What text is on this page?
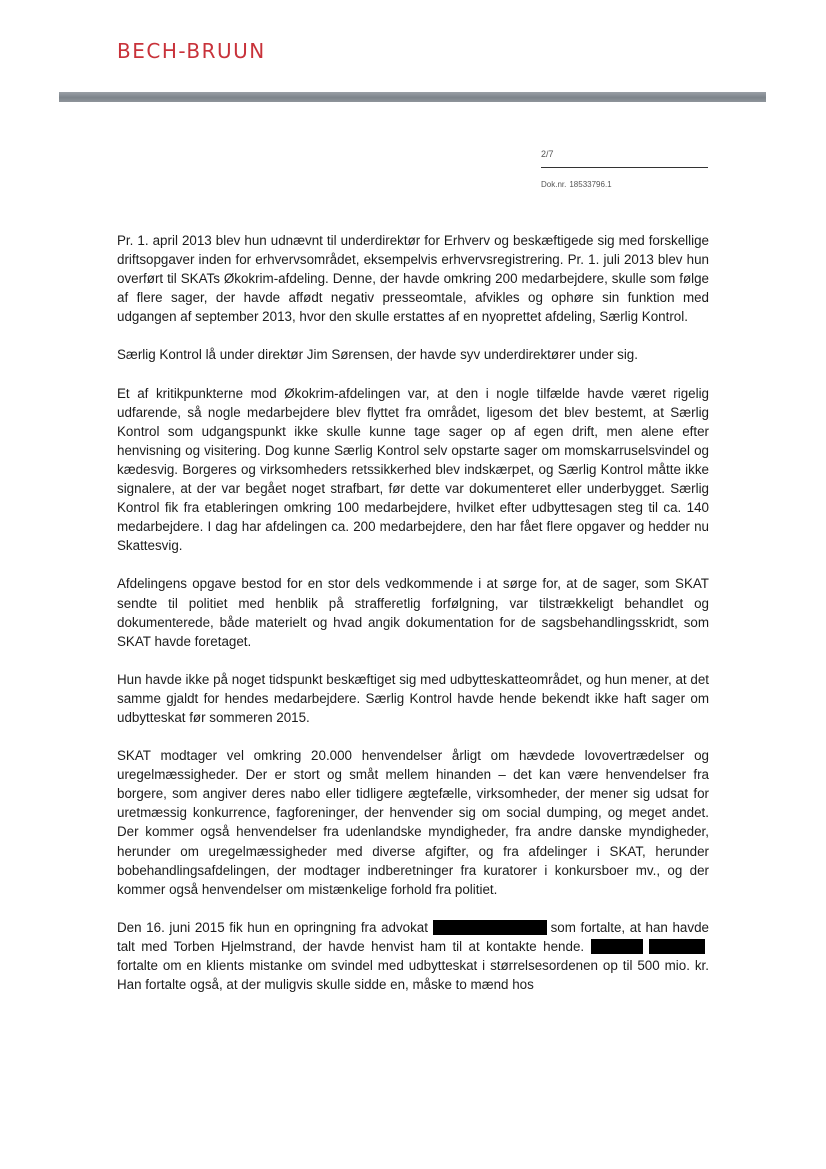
BECH-BRUUN
2/7
Dok.nr. 18533796.1

Pr. 1. april 2013 blev hun udnævnt til underdirektør for Erhverv og beskæftigede sig med forskellige driftsopgaver inden for erhvervsområdet, eksempelvis erhvervsregistrering. Pr. 1. juli 2013 blev hun overført til SKATs Økokrim-afdeling. Denne, der havde omkring 200 medarbejdere, skulle som følge af flere sager, der havde affødt negativ presseomtale, afvikles og ophøre sin funktion med udgangen af september 2013, hvor den skulle erstattes af en nyoprettet afdeling, Særlig Kontrol.

Særlig Kontrol lå under direktør Jim Sørensen, der havde syv underdirektører under sig.

Et af kritikpunkterne mod Økokrim-afdelingen var, at den i nogle tilfælde havde været rigelig udfarende, så nogle medarbejdere blev flyttet fra området, ligesom det blev bestemt, at Særlig Kontrol som udgangspunkt ikke skulle kunne tage sager op af egen drift, men alene efter henvisning og visitering. Dog kunne Særlig Kontrol selv opstarte sager om momskarruselsvindel og kædesvig. Borgeres og virksomheders retssikkerhed blev indskærpet, og Særlig Kontrol måtte ikke signalere, at der var begået noget strafbart, før dette var dokumenteret eller underbygget. Særlig Kontrol fik fra etableringen omkring 100 medarbejdere, hvilket efter udbyttesagen steg til ca. 140 medarbejdere. I dag har afdelingen ca. 200 medarbejdere, den har fået flere opgaver og hedder nu Skattesvig.

Afdelingens opgave bestod for en stor dels vedkommende i at sørge for, at de sager, som SKAT sendte til politiet med henblik på strafferetlig forfølgning, var tilstrækkeligt behandlet og dokumenterede, både materielt og hvad angik dokumentation for de sagsbehandlingsskridt, som SKAT havde foretaget.

Hun havde ikke på noget tidspunkt beskæftiget sig med udbytteskatteområdet, og hun mener, at det samme gjaldt for hendes medarbejdere. Særlig Kontrol havde hende bekendt ikke haft sager om udbytteskat før sommeren 2015.

SKAT modtager vel omkring 20.000 henvendelser årligt om hævdede lovovertrædelser og uregelmæssigheder. Der er stort og småt mellem hinanden – det kan være henvendelser fra borgere, som angiver deres nabo eller tidligere ægtefælle, virksomheder, der mener sig udsat for uretmæssig konkurrence, fagforeninger, der henvender sig om social dumping, og meget andet. Der kommer også henvendelser fra udenlandske myndigheder, fra andre danske myndigheder, herunder om uregelmæssigheder med diverse afgifter, og fra afdelinger i SKAT, herunder bobehandlingsafdelingen, der modtager indberetninger fra kuratorer i konkursboer mv., og der kommer også henvendelser om mistænkelige forhold fra politiet.

Den 16. juni 2015 fik hun en opringning fra advokat	som fortalte, at han havde talt med Torben Hjelmstrand, der havde henvist ham til at kontakte hende.  fortalte om en klients mistanke om svindel med udbytteskat i størrelsesordenen op til 500 mio. kr. Han fortalte også, at der muligvis skulle sidde en, måske to mænd hos
